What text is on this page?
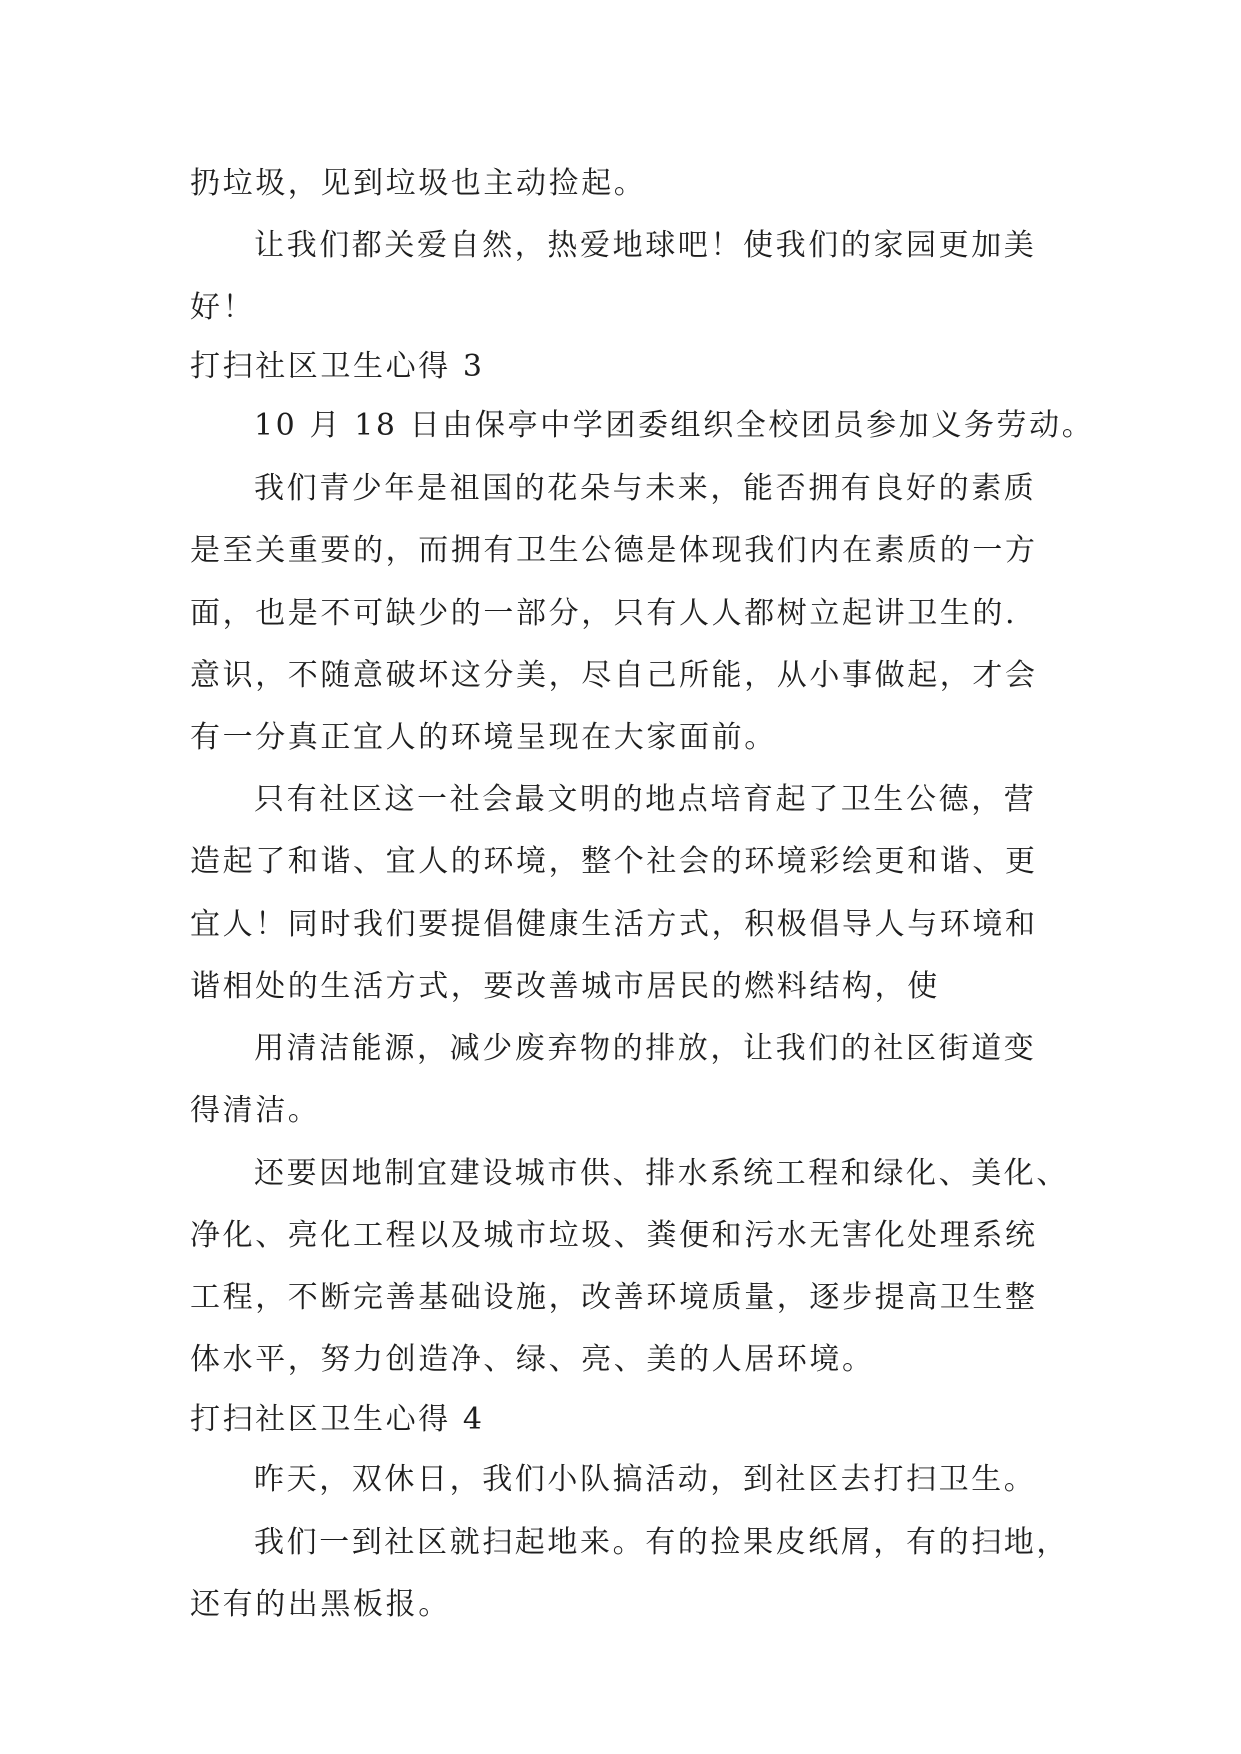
扔垃圾，见到垃圾也主动捡起。
让我们都关爱自然，热爱地球吧！使我们的家园更加美
好！
打扫社区卫生心得 3
10 月 18 日由保亭中学团委组织全校团员参加义务劳动。
我们青少年是祖国的花朵与未来，能否拥有良好的素质
是至关重要的，而拥有卫生公德是体现我们内在素质的一方
面，也是不可缺少的一部分，只有人人都树立起讲卫生的.
意识，不随意破坏这分美，尽自己所能，从小事做起，才会
有一分真正宜人的环境呈现在大家面前。
只有社区这一社会最文明的地点培育起了卫生公德，营
造起了和谐、宜人的环境，整个社会的环境彩绘更和谐、更
宜人！同时我们要提倡健康生活方式，积极倡导人与环境和
谐相处的生活方式，要改善城市居民的燃料结构，使
用清洁能源，减少废弃物的排放，让我们的社区街道变
得清洁。
还要因地制宜建设城市供、排水系统工程和绿化、美化、
净化、亮化工程以及城市垃圾、粪便和污水无害化处理系统
工程，不断完善基础设施，改善环境质量，逐步提高卫生整
体水平，努力创造净、绿、亮、美的人居环境。
打扫社区卫生心得 4
昨天，双休日，我们小队搞活动，到社区去打扫卫生。
我们一到社区就扫起地来。有的捡果皮纸屑，有的扫地，
还有的出黑板报。
